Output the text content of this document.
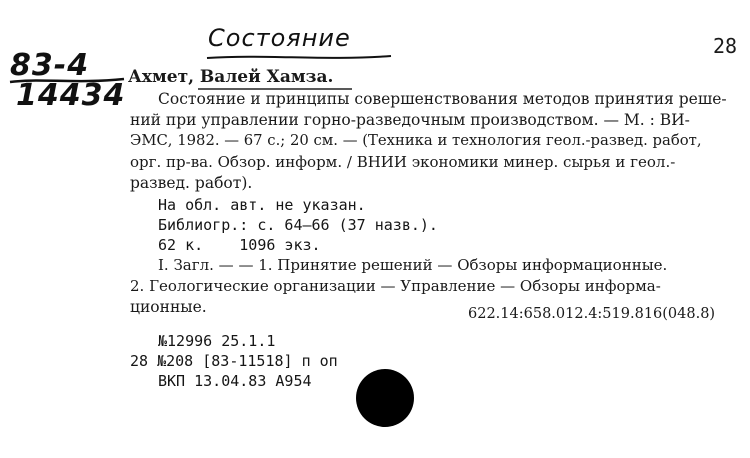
Состояние
83-4
14434
28
Ахмет, Валей Хамза.
Состояние и принципы совершенствования методов принятия реше-
ний при управлении горно-разведочным производством. — М. : ВИ-
ЭМС, 1982. — 67 с.; 20 см. — (Техника и технология геол.-развед. работ,
орг. пр-ва. Обзор. информ. / ВНИИ экономики минер. сырья и геол.-
развед. работ).
На обл. авт. не указан.
Библиогр.: с. 64—66 (37 назв.).
62 к.    1096 экз.
I. Загл. — — 1. Принятие решений — Обзоры информационные.
2. Геологические организации — Управление — Обзоры информа-
ционные.	622.14:658.012.4:519.816(048.8)
№12996 25.1.1
28 №208 [83-11518] п оп
ВКП 13.04.83 А954
